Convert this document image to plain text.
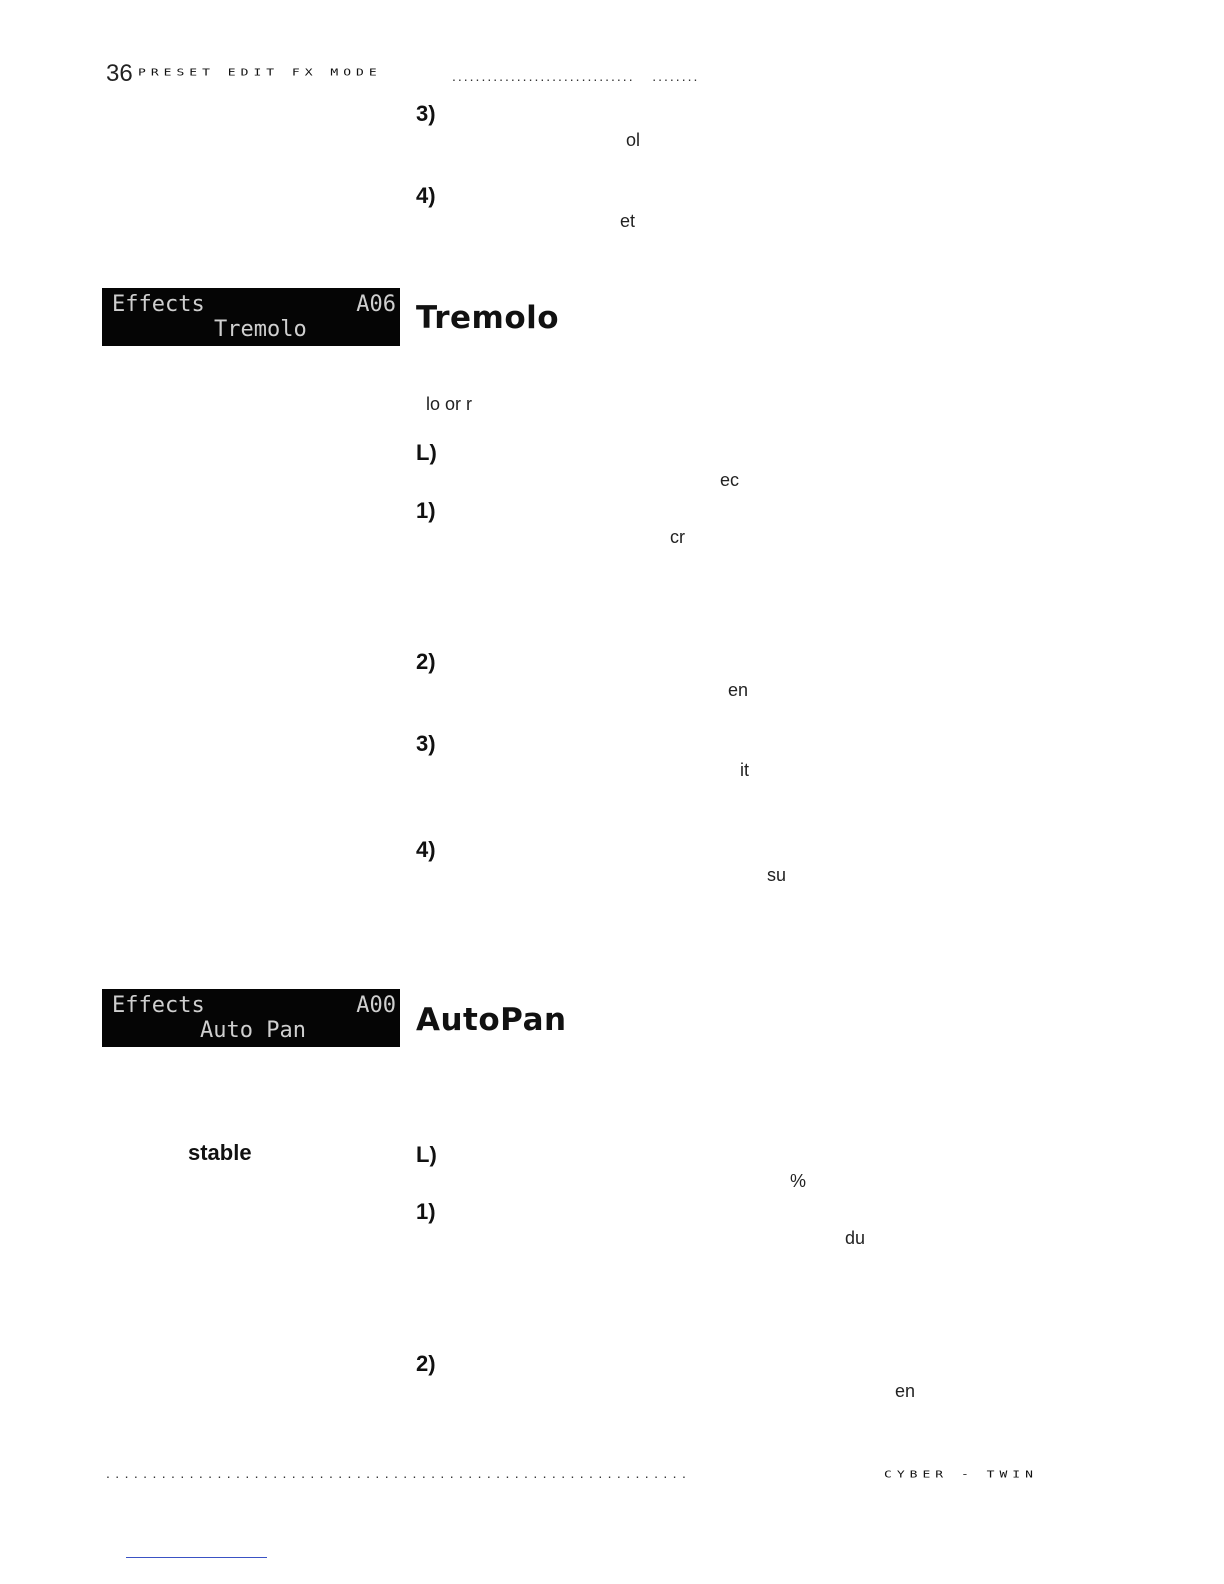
36 PRESET EDIT FX MODE	...............................   ........
3)
ol
4)
et
Effects	A06
Tremolo	Tremolo
lo or r
L)
ec
1)
cr
2)
en
3)
it
4)
su
Effects	A00
Auto Pan	AutoPan
stable	L)
%
1)
du
2)
en
...............................................................	CYBER - TWIN
